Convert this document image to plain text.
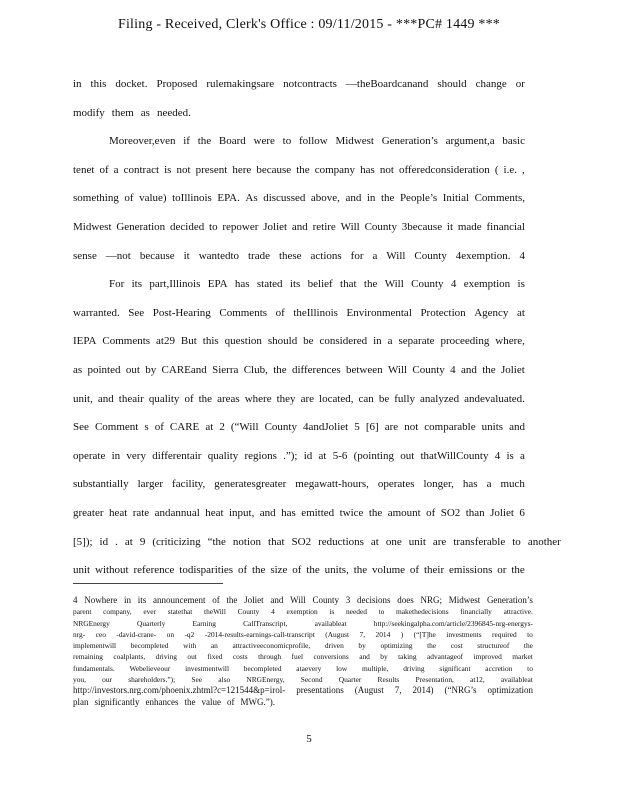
Filing - Received, Clerk's Office : 09/11/2015 - ***PC# 1449 ***
in this docket. Proposed rulemakingsare notcontracts —theBoardcanand should change or
modify them as needed.
Moreover,even if the Board were to follow Midwest Generation’s argument,a basic
tenet of a contract is not present here because the company has not offeredconsideration ( i.e. ,
something of value) toIllinois EPA. As discussed above, and in the People’s Initial Comments,
Midwest Generation decided to repower Joliet and retire Will County 3because it made financial
sense —not because it wantedto trade these actions for a Will County 4exemption. 4
For its part,Illinois EPA has stated its belief that the Will County 4 exemption is
warranted. See Post-Hearing Comments of theIllinois Environmental Protection Agency at
IEPA Comments at29 But this question should be considered in a separate proceeding where,
as pointed out by CAREand Sierra Club, the differences between Will County 4 and the Joliet
unit, and theair quality of the areas where they are located, can be fully analyzed andevaluated.
See Comment s of CARE at 2 (“Will County 4andJoliet 5 [6] are not comparable units and
operate in very differentair quality regions .”); id at 5-6 (pointing out thatWillCounty 4 is a
substantially larger facility, generatesgreater megawatt-hours, operates longer, has a much
greater heat rate andannual heat input, and has emitted twice the amount of SO2 than Joliet 6
[5]); id . at 9 (criticizing “the notion that SO2 reductions at one unit are transferable to another
unit without reference todisparities of the size of the units, the volume of their emissions or the
4 Nowhere in its announcement of the Joliet and Will County 3 decisions does NRG; Midwest Generation’s
parent company, ever statethat theWill County 4 exemption is needed to makethedecisions financially attractive.
NRGEnergy	Quarterly	Earning	CallTranscript,	availableat	http://seekingalpha.com/article/2396845-nrg-energys-
nrg- ceo -david-crane- on -q2 -2014-results-earnings-call-transcript (August 7, 2014 ) (“[T]he investments required to
implementwill becompleted with an attractiveeconomicprofile, driven by optimizing the cost structureof the
remaining coalplants, driving out fixed costs through fuel conversions and by taking advantageof improved market
fundamentals. Webelieveour investmentwill becompleted ataevery low multiple, driving significant accretion to
you, our shareholders.”); See also NRGEnergy, Second Quarter Results Presentation, at12, availableat
http://investors.nrg.com/phoenix.zhtml?c=121544&p=irol- presentations (August 7, 2014) (“NRG’s optimization
plan significantly enhances the value of MWG.”).
5
